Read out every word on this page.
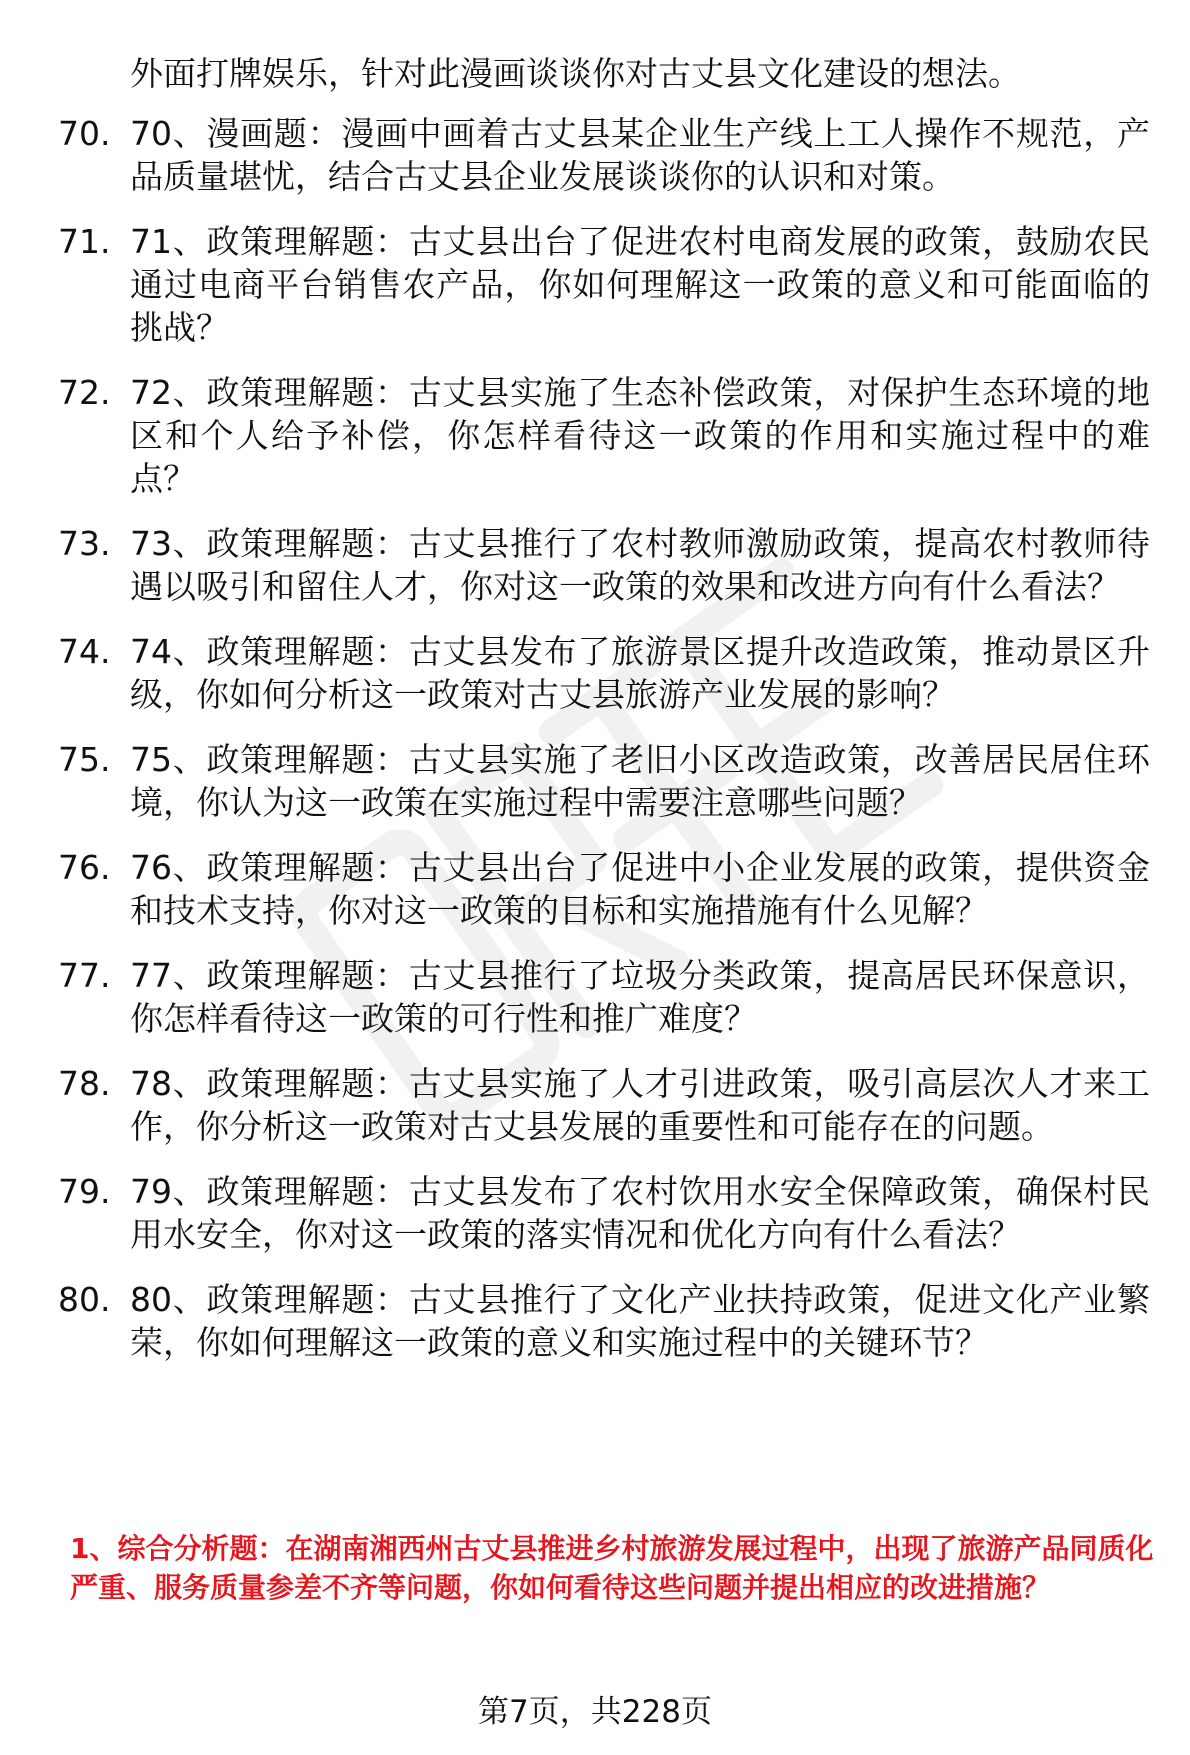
外面打牌娱乐，针对此漫画谈谈你对古丈县文化建设的想法。

70. 70、漫画题：漫画中画着古丈县某企业生产线上工人操作不规范，产品质量堪忧，结合古丈县企业发展谈谈你的认识和对策。
71. 71、政策理解题：古丈县出台了促进农村电商发展的政策，鼓励农民通过电商平台销售农产品，你如何理解这一政策的意义和可能面临的挑战？
72. 72、政策理解题：古丈县实施了生态补偿政策，对保护生态环境的地区和个人给予补偿，你怎样看待这一政策的作用和实施过程中的难点？
73. 73、政策理解题：古丈县推行了农村教师激励政策，提高农村教师待遇以吸引和留住人才，你对这一政策的效果和改进方向有什么看法？
74. 74、政策理解题：古丈县发布了旅游景区提升改造政策，推动景区升级，你如何分析这一政策对古丈县旅游产业发展的影响？
75. 75、政策理解题：古丈县实施了老旧小区改造政策，改善居民居住环境，你认为这一政策在实施过程中需要注意哪些问题？
76. 76、政策理解题：古丈县出台了促进中小企业发展的政策，提供资金和技术支持，你对这一政策的目标和实施措施有什么见解？
77. 77、政策理解题：古丈县推行了垃圾分类政策，提高居民环保意识，你怎样看待这一政策的可行性和推广难度？
78. 78、政策理解题：古丈县实施了人才引进政策，吸引高层次人才来工作，你分析这一政策对古丈县发展的重要性和可能存在的问题。
79. 79、政策理解题：古丈县发布了农村饮用水安全保障政策，确保村民用水安全，你对这一政策的落实情况和优化方向有什么看法？
80. 80、政策理解题：古丈县推行了文化产业扶持政策，促进文化产业繁荣，你如何理解这一政策的意义和实施过程中的关键环节？

1、综合分析题：在湖南湘西州古丈县推进乡村旅游发展过程中，出现了旅游产品同质化严重、服务质量参差不齐等问题，你如何看待这些问题并提出相应的改进措施？

第7页，共228页
